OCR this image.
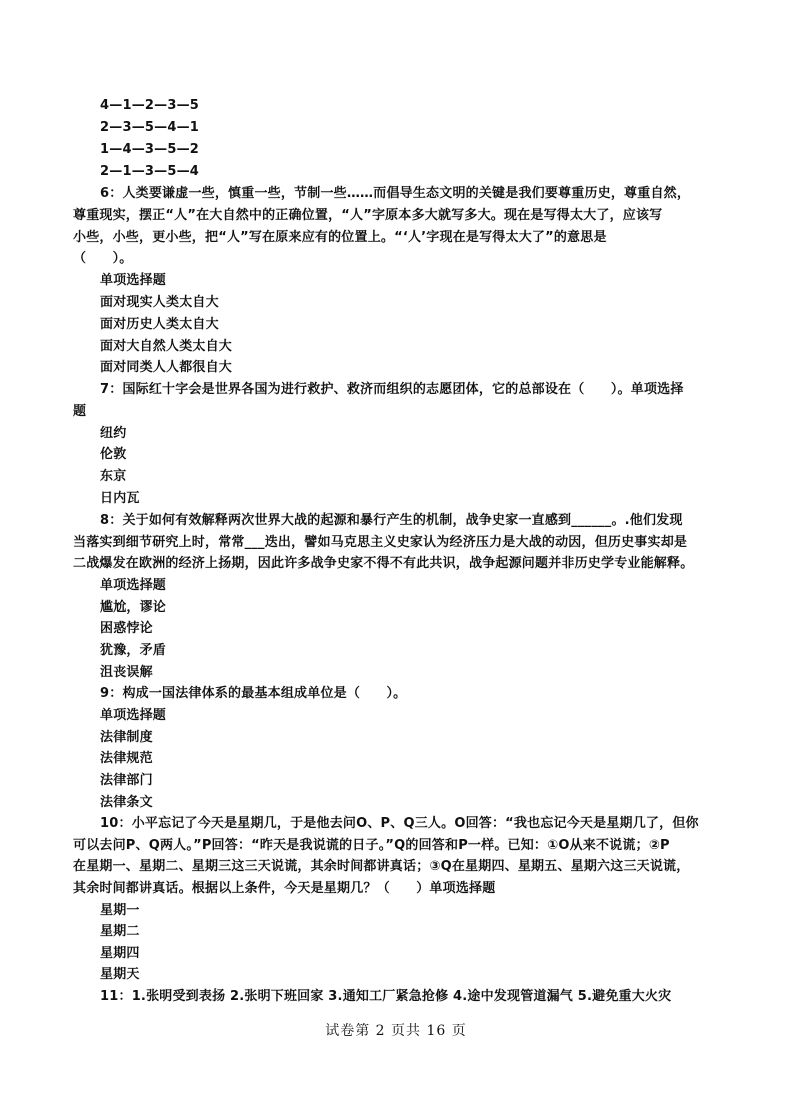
4—1—2—3—5
2—3—5—4—1
1—4—3—5—2
2—1—3—5—4
6：人类要谦虚一些，慎重一些，节制一些……而倡导生态文明的关键是我们要尊重历史，尊重自然，
尊重现实，摆正“人”在大自然中的正确位置，“人”字原本多大就写多大。现在是写得太大了，应该写
小些，小些，更小些，把“人”写在原来应有的位置上。“‘人’字现在是写得太大了”的意思是
（　　）。
单项选择题
面对现实人类太自大
面对历史人类太自大
面对大自然人类太自大
面对同类人人都很自大
7：国际红十字会是世界各国为进行救护、救济而组织的志愿团体，它的总部设在（　　）。单项选择
题
纽约
伦敦
东京
日内瓦
8：关于如何有效解释两次世界大战的起源和暴行产生的机制，战争史家一直感到______。.他们发现
当落实到细节研究上时，常常___迭出，譬如马克思主义史家认为经济压力是大战的动因，但历史事实却是
二战爆发在欧洲的经济上扬期，因此许多战争史家不得不有此共识，战争起源问题并非历史学专业能解释。
单项选择题
尴尬，谬论
困惑悖论
犹豫，矛盾
沮丧误解
9：构成一国法律体系的最基本组成单位是（　　）。
单项选择题
法律制度
法律规范
法律部门
法律条文
10：小平忘记了今天是星期几，于是他去问O、P、Q三人。O回答：“我也忘记今天是星期几了，但你
可以去问P、Q两人。”P回答：“昨天是我说谎的日子。”Q的回答和P一样。已知：①O从来不说谎；②P
在星期一、星期二、星期三这三天说谎，其余时间都讲真话；③Q在星期四、星期五、星期六这三天说谎，
其余时间都讲真话。根据以上条件，今天是星期几？（　　）单项选择题
星期一
星期二
星期四
星期天
11：1.张明受到表扬 2.张明下班回家 3.通知工厂紧急抢修 4.途中发现管道漏气 5.避免重大火灾
试卷第 2 页共 16 页
